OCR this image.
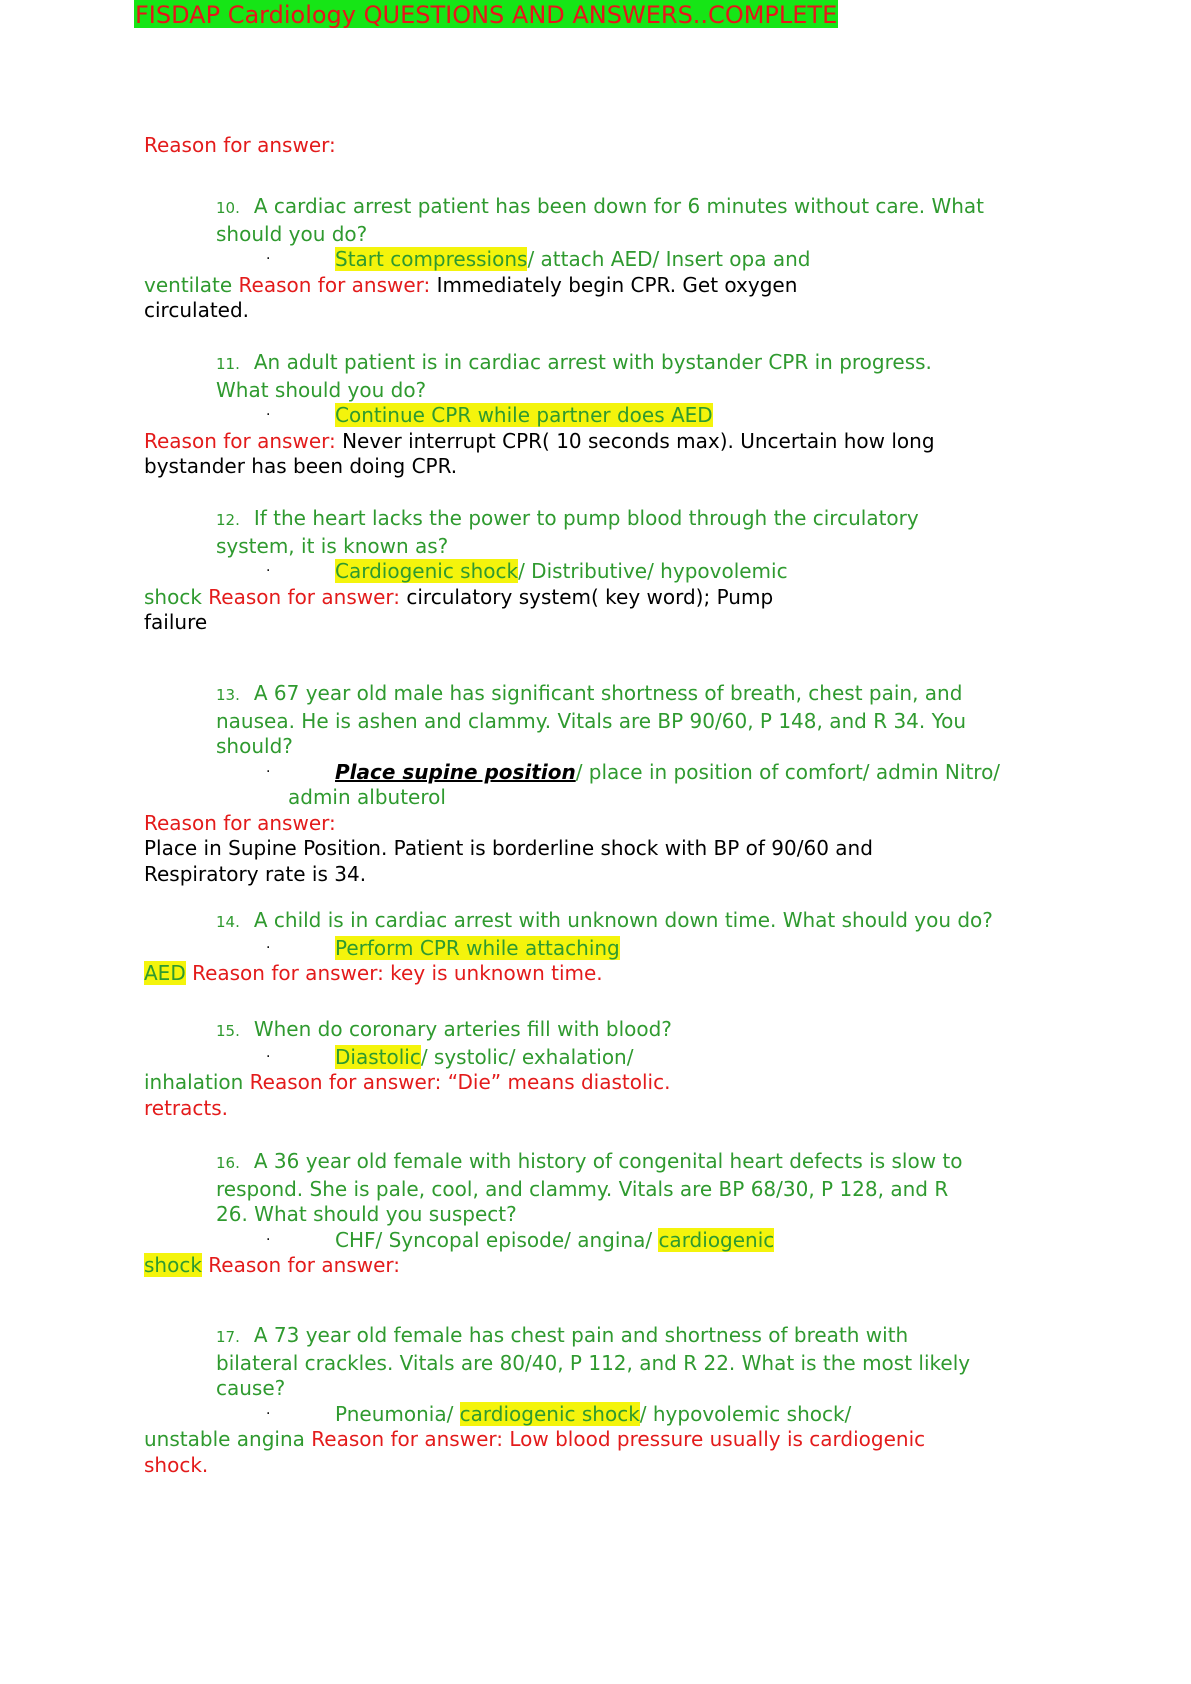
FISDAP Cardiology QUESTIONS AND ANSWERS..COMPLETE
Reason for answer:
10. A cardiac arrest patient has been down for 6 minutes without care. What
should you do?
·	Start compressions/ attach AED/ Insert opa and
ventilate Reason for answer: Immediately begin CPR. Get oxygen
circulated.
11. An adult patient is in cardiac arrest with bystander CPR in progress.
What should you do?
·	Continue CPR while partner does AED
Reason for answer: Never interrupt CPR( 10 seconds max). Uncertain how long
bystander has been doing CPR.
12. If the heart lacks the power to pump blood through the circulatory
system, it is known as?
·	Cardiogenic shock/ Distributive/ hypovolemic
shock Reason for answer: circulatory system( key word); Pump
failure
13. A 67 year old male has significant shortness of breath, chest pain, and
nausea. He is ashen and clammy. Vitals are BP 90/60, P 148, and R 34. You
should?
·	Place supine position/ place in position of comfort/ admin Nitro/
admin albuterol
Reason for answer:
Place in Supine Position. Patient is borderline shock with BP of 90/60 and
Respiratory rate is 34.
14. A child is in cardiac arrest with unknown down time. What should you do?
·	Perform CPR while attaching
AED Reason for answer: key is unknown time.
15. When do coronary arteries fill with blood?
·	Diastolic/ systolic/ exhalation/
inhalation Reason for answer: “Die” means diastolic.
retracts.
16. A 36 year old female with history of congenital heart defects is slow to
respond. She is pale, cool, and clammy. Vitals are BP 68/30, P 128, and R
26. What should you suspect?
·	CHF/ Syncopal episode/ angina/ cardiogenic
shock Reason for answer:
17. A 73 year old female has chest pain and shortness of breath with
bilateral crackles. Vitals are 80/40, P 112, and R 22. What is the most likely
cause?
·	Pneumonia/ cardiogenic shock/ hypovolemic shock/
unstable angina Reason for answer: Low blood pressure usually is cardiogenic
shock.
